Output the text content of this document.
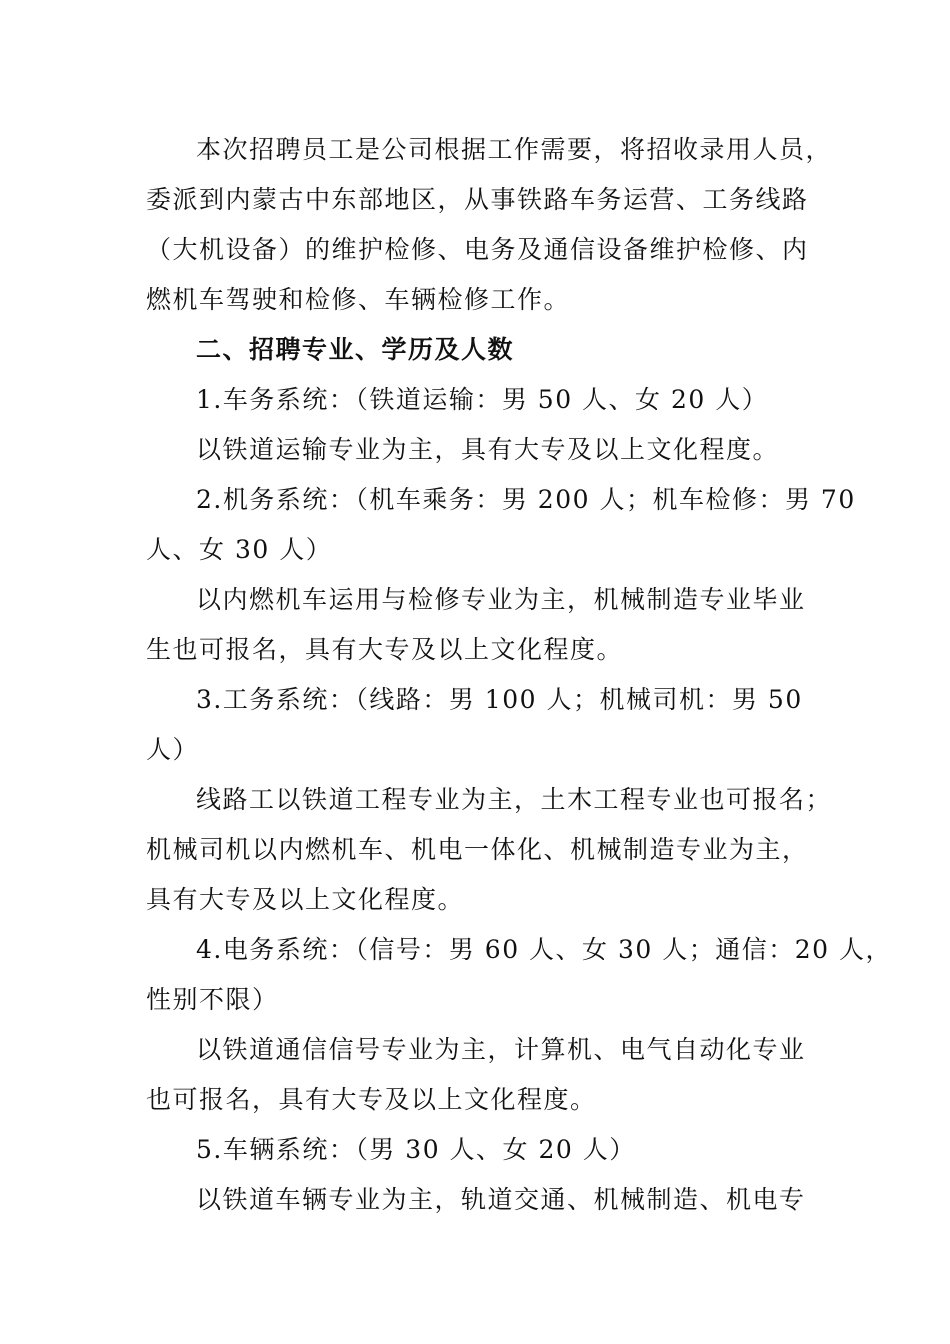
本次招聘员工是公司根据工作需要，将招收录用人员，
委派到内蒙古中东部地区，从事铁路车务运营、工务线路
（大机设备）的维护检修、电务及通信设备维护检修、内
燃机车驾驶和检修、车辆检修工作。
二、招聘专业、学历及人数
1.车务系统：（铁道运输：男 50 人、女 20 人）
以铁道运输专业为主，具有大专及以上文化程度。
2.机务系统：（机车乘务：男 200 人；机车检修：男 70
人、女 30 人）
以内燃机车运用与检修专业为主，机械制造专业毕业
生也可报名，具有大专及以上文化程度。
3.工务系统：（线路：男 100 人；机械司机：男 50
人）
线路工以铁道工程专业为主，土木工程专业也可报名；
机械司机以内燃机车、机电一体化、机械制造专业为主，
具有大专及以上文化程度。
4.电务系统：（信号：男 60 人、女 30 人；通信：20 人，
性别不限）
以铁道通信信号专业为主，计算机、电气自动化专业
也可报名，具有大专及以上文化程度。
5.车辆系统：（男 30 人、女 20 人）
以铁道车辆专业为主，轨道交通、机械制造、机电专
